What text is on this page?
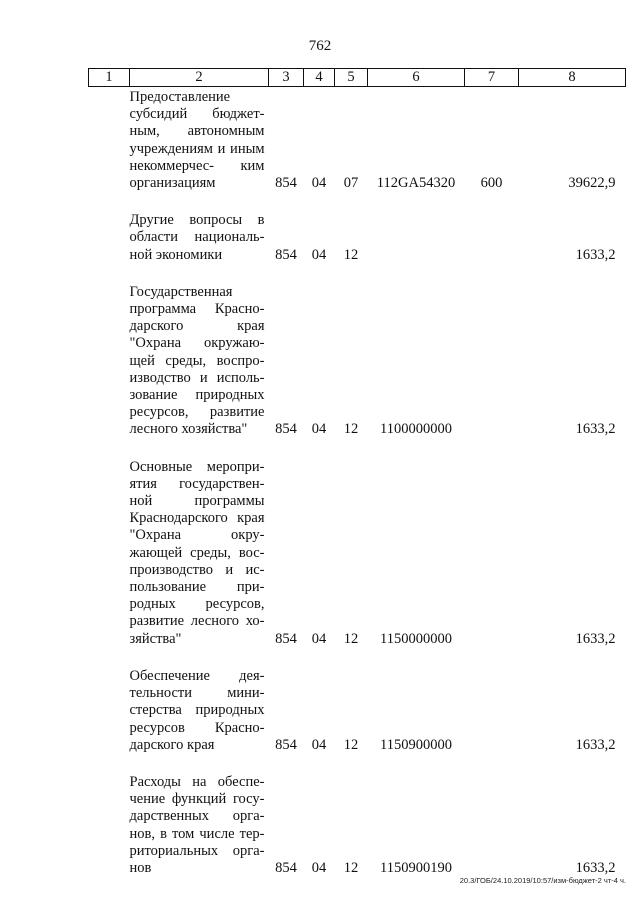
762
1	2	3	4	5	6	7	8
Предоставление субсидий бюджет- ным, автономным учреждениям и иным некоммерчес- ким организациям		854	04	07	112GA54320	600	39622,9
Другие вопросы в области националь- ной экономики		854	04	12			1633,2
Государственная программа Красно- дарского края "Охрана окружаю- щей среды, воспро- изводство и исполь- зование природных ресурсов, развитие лесного хозяйства"		854	04	12	1100000000		1633,2
Основные меропри- ятия государствен- ной программы Краснодарского края "Охрана окру- жающей среды, вос- производство и ис- пользование при- родных ресурсов, развитие лесного хо- зяйства"		854	04	12	1150000000		1633,2
Обеспечение дея- тельности мини- стерства природных ресурсов Красно- дарского края		854	04	12	1150900000		1633,2
Расходы на обеспе- чение функций госу- дарственных орга- нов, в том числе тер- риториальных орга- нов		854	04	12	1150900190		1633,2
20.3/ГОБ/24.10.2019/10:57/изм-бюджет-2 чт-4 ч.
